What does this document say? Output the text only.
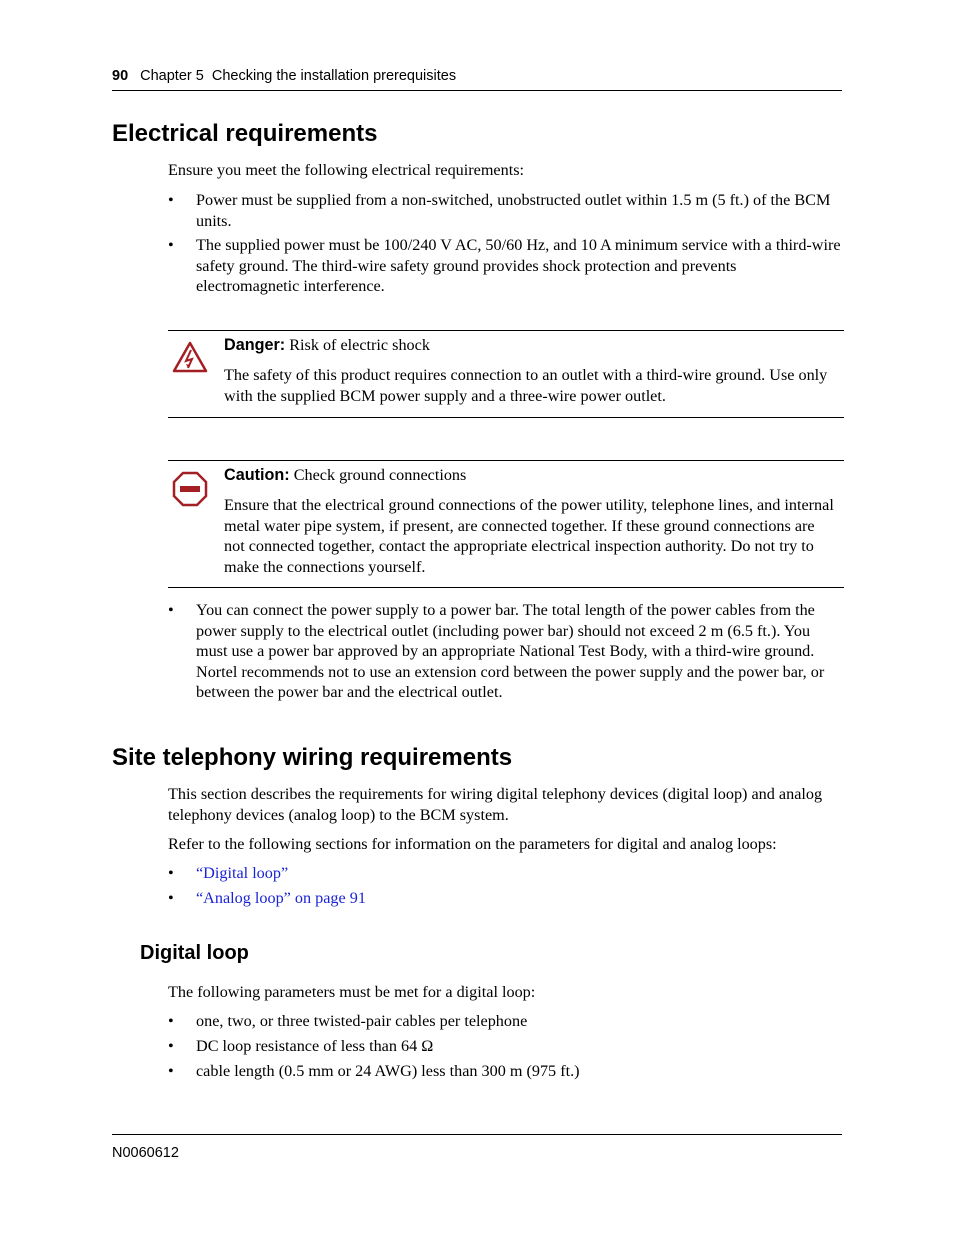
90 Chapter 5  Checking the installation prerequisites
Electrical requirements

Ensure you meet the following electrical requirements:

• Power must be supplied from a non-switched, unobstructed outlet within 1.5 m (5 ft.) of the BCM units.
• The supplied power must be 100/240 V AC, 50/60 Hz, and 10 A minimum service with a third-wire safety ground. The third-wire safety ground provides shock protection and prevents electromagnetic interference.
Danger: Risk of electric shock

The safety of this product requires connection to an outlet with a third-wire ground. Use only with the supplied BCM power supply and a three-wire power outlet.

Caution: Check ground connections

Ensure that the electrical ground connections of the power utility, telephone lines, and internal metal water pipe system, if present, are connected together. If these ground connections are not connected together, contact the appropriate electrical inspection authority. Do not try to make the connections yourself.

• You can connect the power supply to a power bar. The total length of the power cables from the power supply to the electrical outlet (including power bar) should not exceed 2 m (6.5 ft.). You must use a power bar approved by an appropriate National Test Body, with a third-wire ground. Nortel recommends not to use an extension cord between the power supply and the power bar, or between the power bar and the electrical outlet.
Site telephony wiring requirements

This section describes the requirements for wiring digital telephony devices (digital loop) and analog telephony devices (analog loop) to the BCM system.

Refer to the following sections for information on the parameters for digital and analog loops:

• “Digital loop”
• “Analog loop” on page 91
Digital loop

The following parameters must be met for a digital loop:

• one, two, or three twisted-pair cables per telephone
• DC loop resistance of less than 64 Ω
• cable length (0.5 mm or 24 AWG) less than 300 m (975 ft.)
N0060612
